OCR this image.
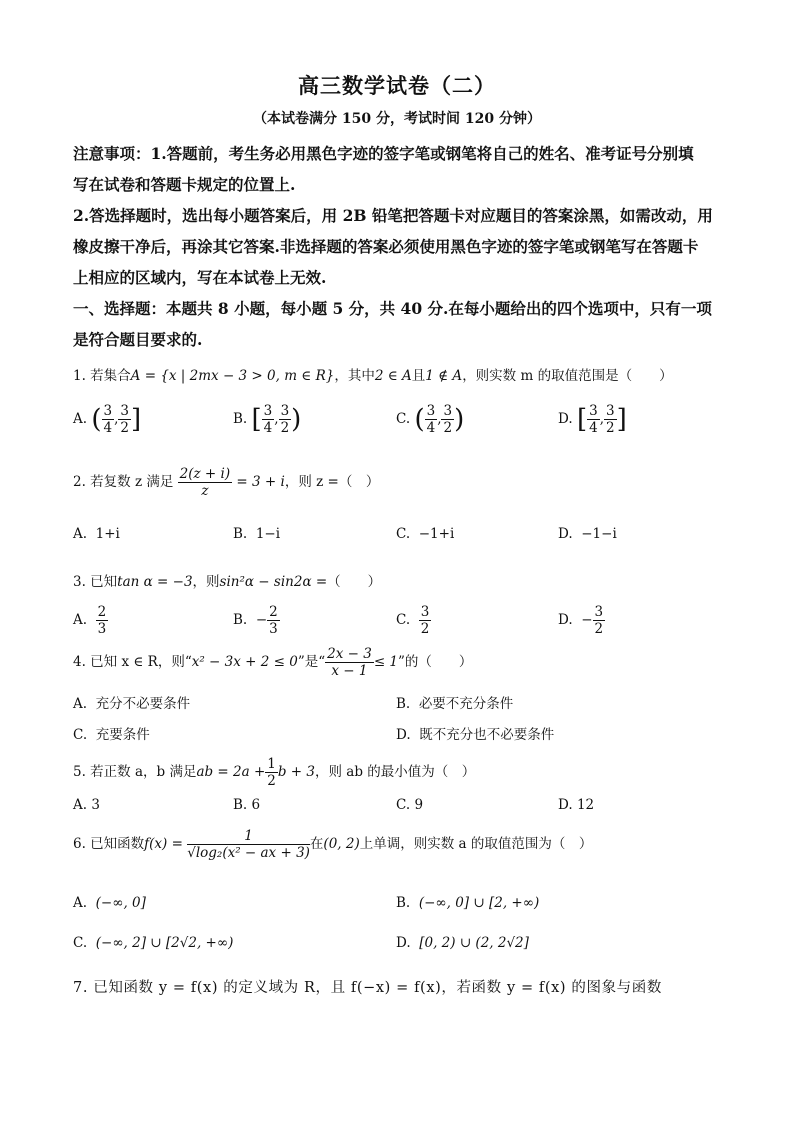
高三数学试卷（二）
（本试卷满分 150 分，考试时间 120 分钟）
注意事项：1.答题前，考生务必用黑色字迹的签字笔或钢笔将自己的姓名、准考证号分别填
写在试卷和答题卡规定的位置上.
2.答选择题时，选出每小题答案后，用 2B 铅笔把答题卡对应题目的答案涂黑，如需改动，用
橡皮擦干净后，再涂其它答案.非选择题的答案必须使用黑色字迹的签字笔或钢笔写在答题卡
上相应的区域内，写在本试卷上无效.
一、选择题：本题共 8 小题，每小题 5 分，共 40 分.在每小题给出的四个选项中，只有一项
是符合题目要求的.
1. 若集合A = {x | 2mx − 3 > 0, m ∈ R}，其中2 ∈ A且1 ∉ A，则实数 m 的取值范围是（　　）
A. ( $\frac{3}{4}$ , $\frac{3}{2}$ ]	B. [ $\frac{3}{4}$ , $\frac{3}{2}$ )	C. ( $\frac{3}{4}$ , $\frac{3}{2}$ )	D. [ $\frac{3}{4}$ , $\frac{3}{2}$ ]
2. 若复数 z 满足 $\frac{2(z + i)}{z} = 3 + i$，则 z =（　）
A. 1+i	B. 1−i	C. −1+i	D. −1−i
3. 已知tan α = −3，则sin²α − sin2α =（　　）
A. $\frac{2}{3}$	B. − $\frac{2}{3}$	C. $\frac{3}{2}$	D. − $\frac{3}{2}$
4. 已知 x ∈ R，则“x² − 3x + 2 ≤ 0”是“ $\frac{2x - 3}{x - 1} \le 1$”的（　　）
A. 充分不必要条件	B. 必要不充分条件
C. 充要条件	D. 既不充分也不必要条件
5. 若正数 a，b 满足ab = $2a + \frac{1}{2}$ b + 3，则 ab 的最小值为（　）
A. 3	B. 6	C. 9	D. 12
6. 已知函数$f(x) = \frac{1}{\text{√log₂(x² − ax + 3)}}$ 在(0, 2)上单调，则实数 a 的取值范围为（　）
A. (−∞, 0]	B. (−∞, 0] ∪ [2, +∞)
C. (−∞, 2] ∪ [2√2, +∞)	D. [0, 2) ∪ (2, 2√2]
7. 已知函数 y = f(x) 的定义域为 R，且 f(−x) = f(x)，若函数 y = f(x) 的图象与函数
